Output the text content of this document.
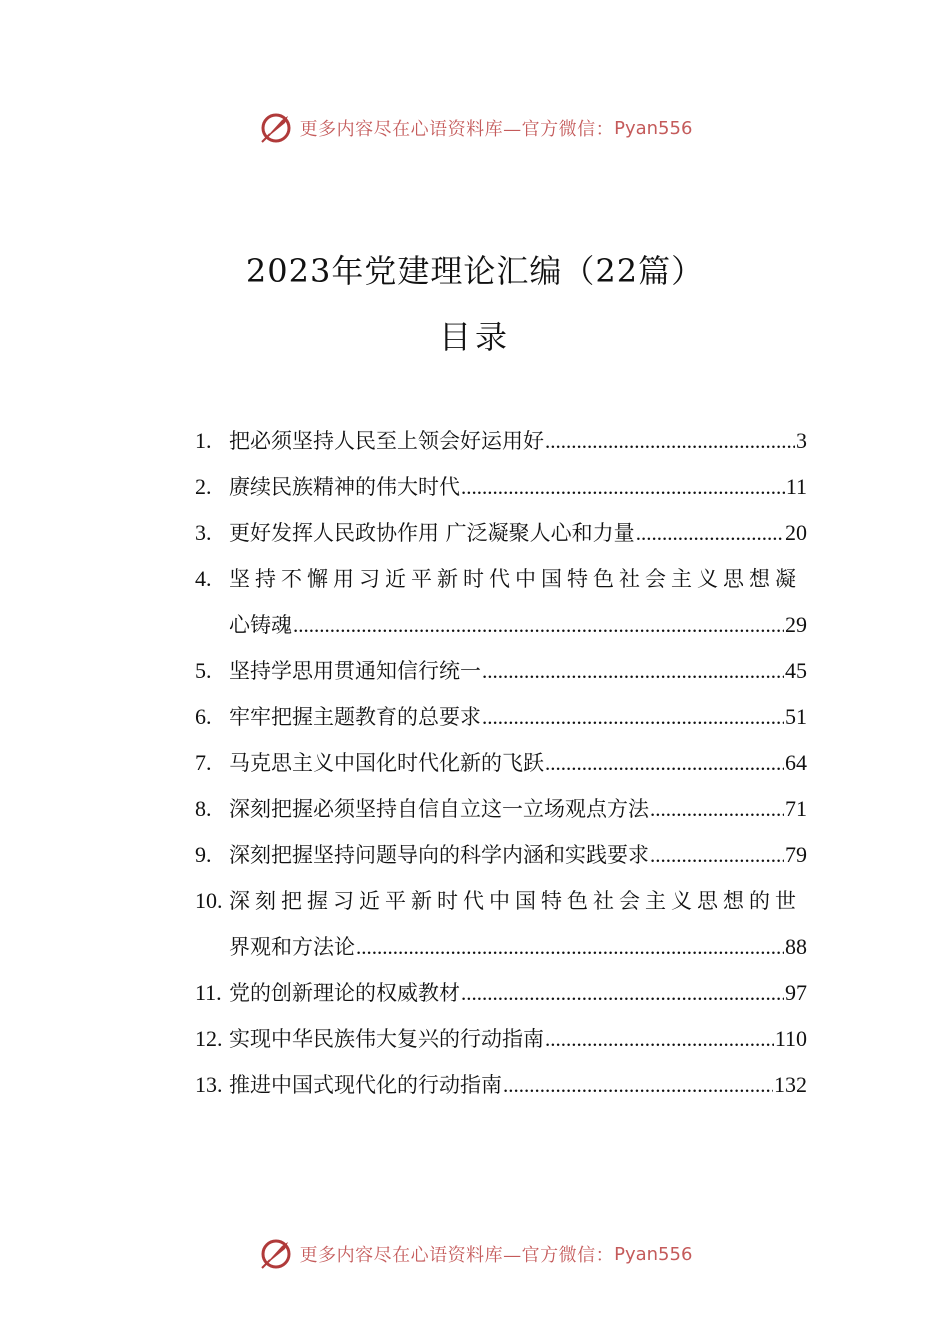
更多内容尽在心语资料库—官方微信： Pyan556
2023年党建理论汇编（22篇）
目录
1. 把必须坚持人民至上领会好运用好 .....	3
2. 赓续民族精神的伟大时代 .....	11
3. 更好发挥人民政协作用 广泛凝聚人心和力量 .....	20
4. 坚持不懈用习近平新时代中国特色社会主义思想凝
心铸魂 .....	29
5. 坚持学思用贯通知信行统一 .....	45
6. 牢牢把握主题教育的总要求 .....	51
7. 马克思主义中国化时代化新的飞跃 .....	64
8. 深刻把握必须坚持自信自立这一立场观点方法 .....	71
9. 深刻把握坚持问题导向的科学内涵和实践要求 .....	79
10. 深刻把握习近平新时代中国特色社会主义思想的世
界观和方法论 .....	88
11. 党的创新理论的权威教材 .....	97
12. 实现中华民族伟大复兴的行动指南 .....	110
13. 推进中国式现代化的行动指南 .....	132
更多内容尽在心语资料库—官方微信： Pyan556
